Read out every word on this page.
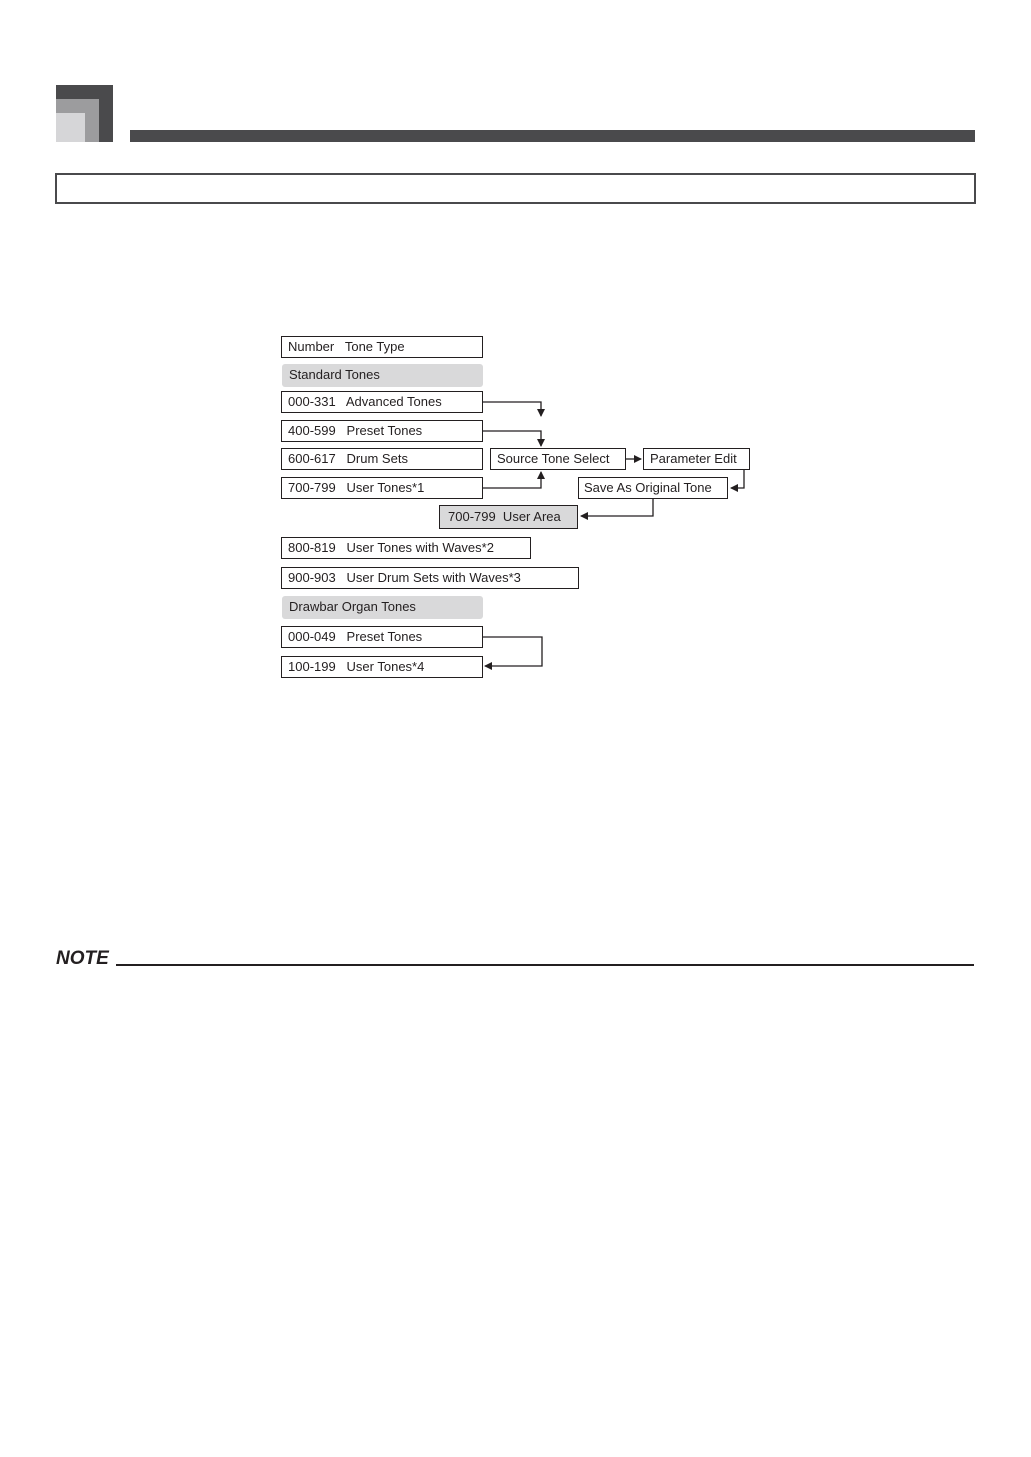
Number   Tone Type
Standard Tones
000-331   Advanced Tones
400-599   Preset Tones
600-617   Drum Sets
700-799   User Tones*1
Source Tone Select	Parameter Edit
Save As Original Tone
700-799  User Area
800-819   User Tones with Waves*2
900-903   User Drum Sets with Waves*3
Drawbar Organ Tones
000-049   Preset Tones
100-199   User Tones*4
NOTE
